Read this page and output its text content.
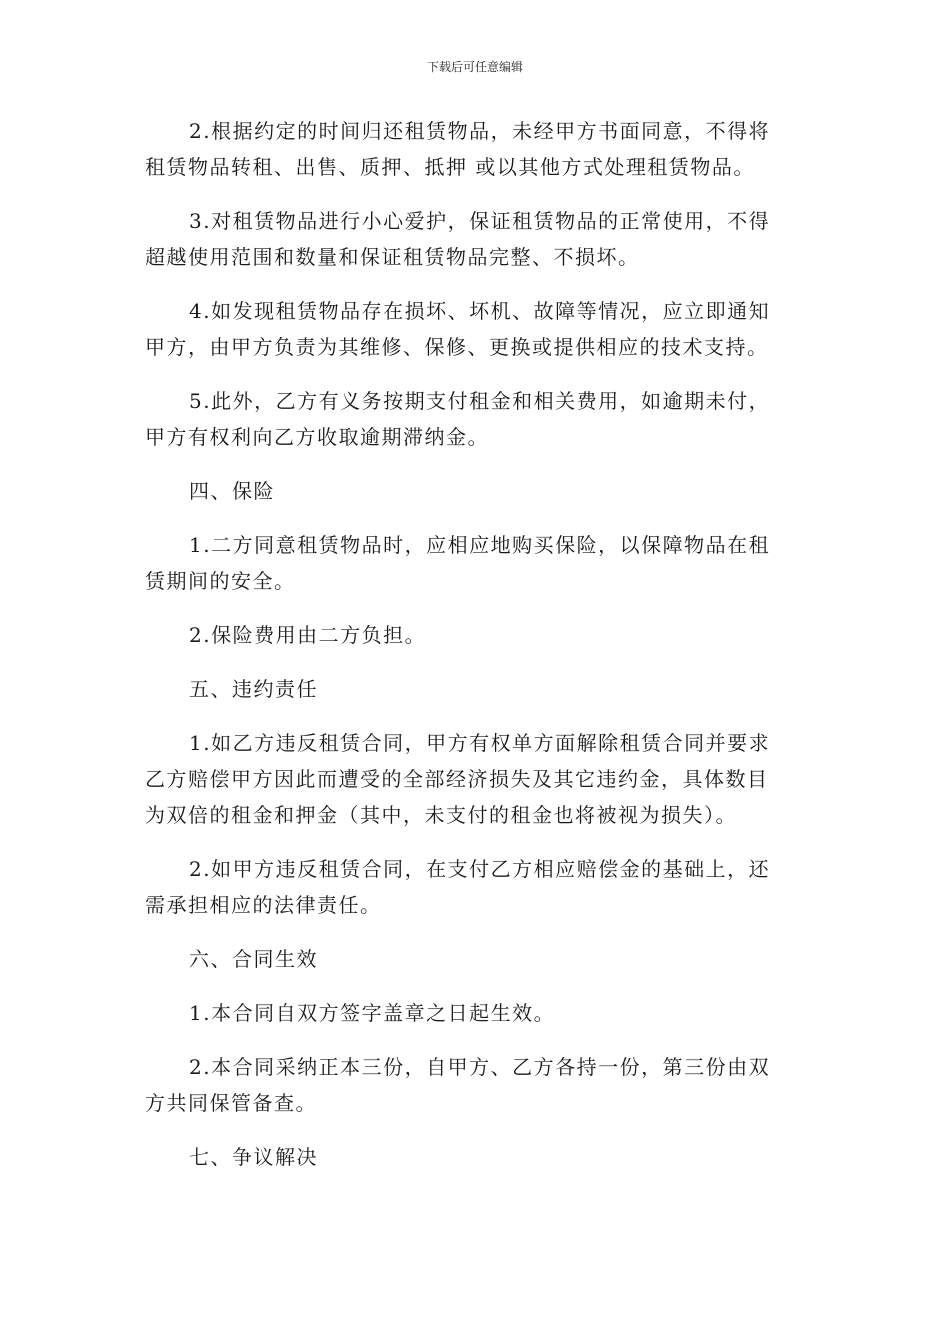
下载后可任意编辑

2.根据约定的时间归还租赁物品，未经甲方书面同意，不得将
租赁物品转租、出售、质押、抵押 或以其他方式处理租赁物品。

3.对租赁物品进行小心爱护，保证租赁物品的正常使用，不得
超越使用范围和数量和保证租赁物品完整、不损坏。

4.如发现租赁物品存在损坏、坏机、故障等情况，应立即通知
甲方，由甲方负责为其维修、保修、更换或提供相应的技术支持。

5.此外，乙方有义务按期支付租金和相关费用，如逾期未付，
甲方有权利向乙方收取逾期滞纳金。

四、保险

1.二方同意租赁物品时，应相应地购买保险，以保障物品在租
赁期间的安全。

2.保险费用由二方负担。

五、违约责任

1.如乙方违反租赁合同，甲方有权单方面解除租赁合同并要求
乙方赔偿甲方因此而遭受的全部经济损失及其它违约金，具体数目
为双倍的租金和押金（其中，未支付的租金也将被视为损失）。

2.如甲方违反租赁合同，在支付乙方相应赔偿金的基础上，还
需承担相应的法律责任。

六、合同生效

1.本合同自双方签字盖章之日起生效。

2.本合同采纳正本三份，自甲方、乙方各持一份，第三份由双
方共同保管备查。

七、争议解决
